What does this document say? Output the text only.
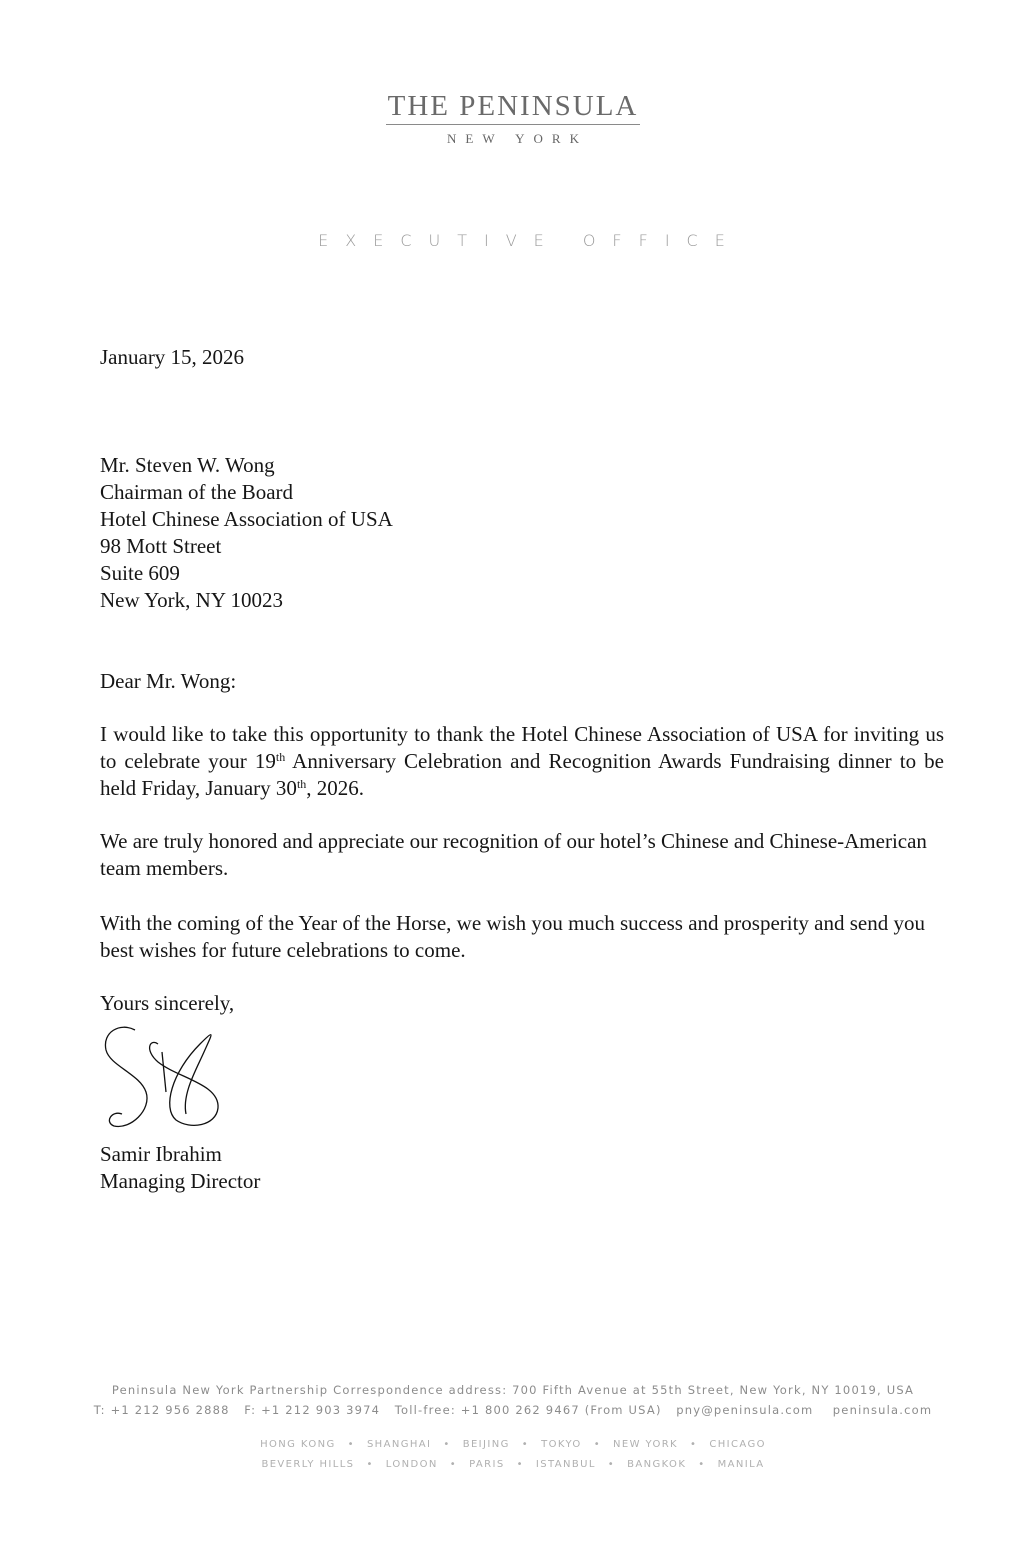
THE PENINSULA
NEW YORK
EXECUTIVE OFFICE
January 15, 2026
Mr. Steven W. Wong
Chairman of the Board
Hotel Chinese Association of USA
98 Mott Street
Suite 609
New York, NY 10023
Dear Mr. Wong:
I would like to take this opportunity to thank the Hotel Chinese Association of USA for inviting us to celebrate your 19th Anniversary Celebration and Recognition Awards Fundraising dinner to be held Friday, January 30th, 2026.
We are truly honored and appreciate our recognition of our hotel’s Chinese and Chinese-American team members.
With the coming of the Year of the Horse, we wish you much success and prosperity and send you best wishes for future celebrations to come.
Yours sincerely,
Samir Ibrahim
Managing Director
Peninsula New York Partnership Correspondence address: 700 Fifth Avenue at 55th Street, New York, NY 10019, USA
T: +1 212 956 2888   F: +1 212 903 3974   Toll-free: +1 800 262 9467 (From USA)   pny@peninsula.com    peninsula.com
HONG KONG • SHANGHAI • BEIJING • TOKYO • NEW YORK • CHICAGO
BEVERLY HILLS • LONDON • PARIS • ISTANBUL • BANGKOK • MANILA
